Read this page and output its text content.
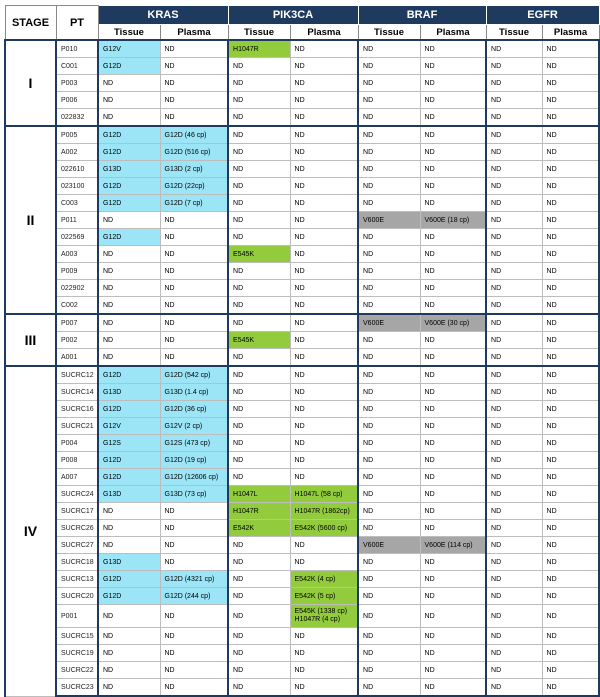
STAGE	PT	KRAS		PIK3CA		BRAF		EGFR	
		Tissue	Plasma	Tissue	Plasma	Tissue	Plasma	Tissue	Plasma
I	P010	G12V	ND	H1047R	ND	ND	ND	ND	ND
	C001	G12D	ND	ND	ND	ND	ND	ND	ND
	P003	ND	ND	ND	ND	ND	ND	ND	ND
	P006	ND	ND	ND	ND	ND	ND	ND	ND
	022832	ND	ND	ND	ND	ND	ND	ND	ND
II	P005	G12D	G12D (46 cp)	ND	ND	ND	ND	ND	ND
	A002	G12D	G12D (516 cp)	ND	ND	ND	ND	ND	ND
	022610	G13D	G13D (2 cp)	ND	ND	ND	ND	ND	ND
	023100	G12D	G12D (22cp)	ND	ND	ND	ND	ND	ND
	C003	G12D	G12D (7 cp)	ND	ND	ND	ND	ND	ND
	P011	ND	ND	ND	ND	V600E	V600E (18 cp)	ND	ND
	022569	G12D	ND	ND	ND	ND	ND	ND	ND
	A003	ND	ND	E545K	ND	ND	ND	ND	ND
	P009	ND	ND	ND	ND	ND	ND	ND	ND
	022902	ND	ND	ND	ND	ND	ND	ND	ND
	C002	ND	ND	ND	ND	ND	ND	ND	ND
III	P007	ND	ND	ND	ND	V600E	V600E (30 cp)	ND	ND
	P002	ND	ND	E545K	ND	ND	ND	ND	ND
	A001	ND	ND	ND	ND	ND	ND	ND	ND
IV	SUCRC12	G12D	G12D (542 cp)	ND	ND	ND	ND	ND	ND
	SUCRC14	G13D	G13D (1.4 cp)	ND	ND	ND	ND	ND	ND
	SUCRC16	G12D	G12D (36 cp)	ND	ND	ND	ND	ND	ND
	SUCRC21	G12V	G12V (2 cp)	ND	ND	ND	ND	ND	ND
	P004	G12S	G12S (473 cp)	ND	ND	ND	ND	ND	ND
	P008	G12D	G12D (19 cp)	ND	ND	ND	ND	ND	ND
	A007	G12D	G12D (12606 cp)	ND	ND	ND	ND	ND	ND
	SUCRC24	G13D	G13D (73 cp)	H1047L	H1047L (58 cp)	ND	ND	ND	ND
	SUCRC17	ND	ND	H1047R	H1047R (1862cp)	ND	ND	ND	ND
	SUCRC26	ND	ND	E542K	E542K (5600 cp)	ND	ND	ND	ND
	SUCRC27	ND	ND	ND	ND	V600E	V600E (114 cp)	ND	ND
	SUCRC18	G13D	ND	ND	ND	ND	ND	ND	ND
	SUCRC13	G12D	G12D (4321 cp)	ND	E542K (4 cp)	ND	ND	ND	ND
	SUCRC20	G12D	G12D (244 cp)	ND	E542K (5 cp)	ND	ND	ND	ND
	P001	ND	ND	ND	E545K (1338 cp)
H1047R (4 cp)	ND	ND	ND	ND
	SUCRC15	ND	ND	ND	ND	ND	ND	ND	ND
	SUCRC19	ND	ND	ND	ND	ND	ND	ND	ND
	SUCRC22	ND	ND	ND	ND	ND	ND	ND	ND
	SUCRC23	ND	ND	ND	ND	ND	ND	ND	ND
